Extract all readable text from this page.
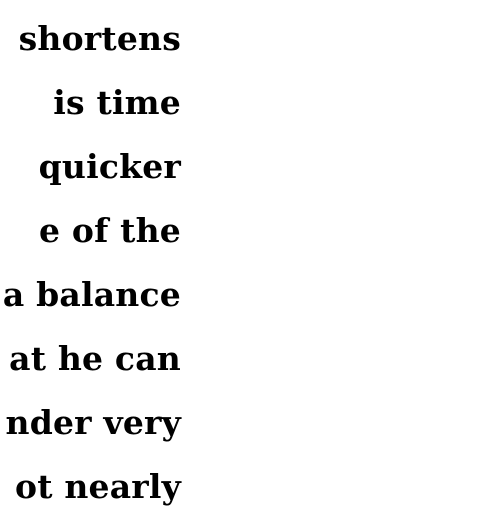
shortens
is time
quicker
e of the
a balance
at he can
nder very
ot nearly
